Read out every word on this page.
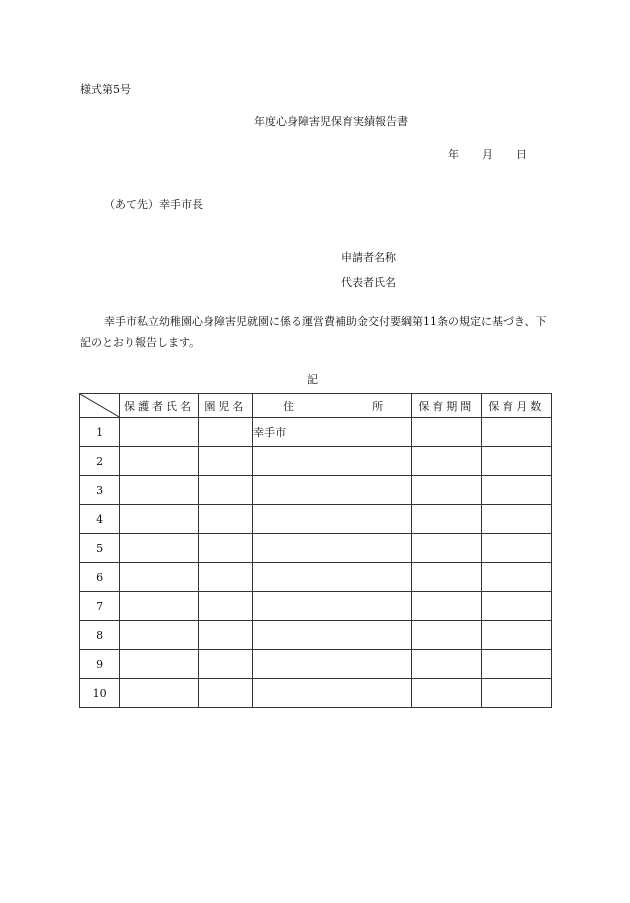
様式第5号
年度心身障害児保育実績報告書
年	月	日
（あて先）幸手市長
申請者名称
代表者氏名
幸手市私立幼稚園心身障害児就園に係る運営費補助金交付要綱第11条の規定に基づき、下記のとおり報告します。
記
	保護者氏名	園児名	住 所	保育期間	保育月数
1			幸手市		
2					
3					
4					
5					
6					
7					
8					
9					
10					
